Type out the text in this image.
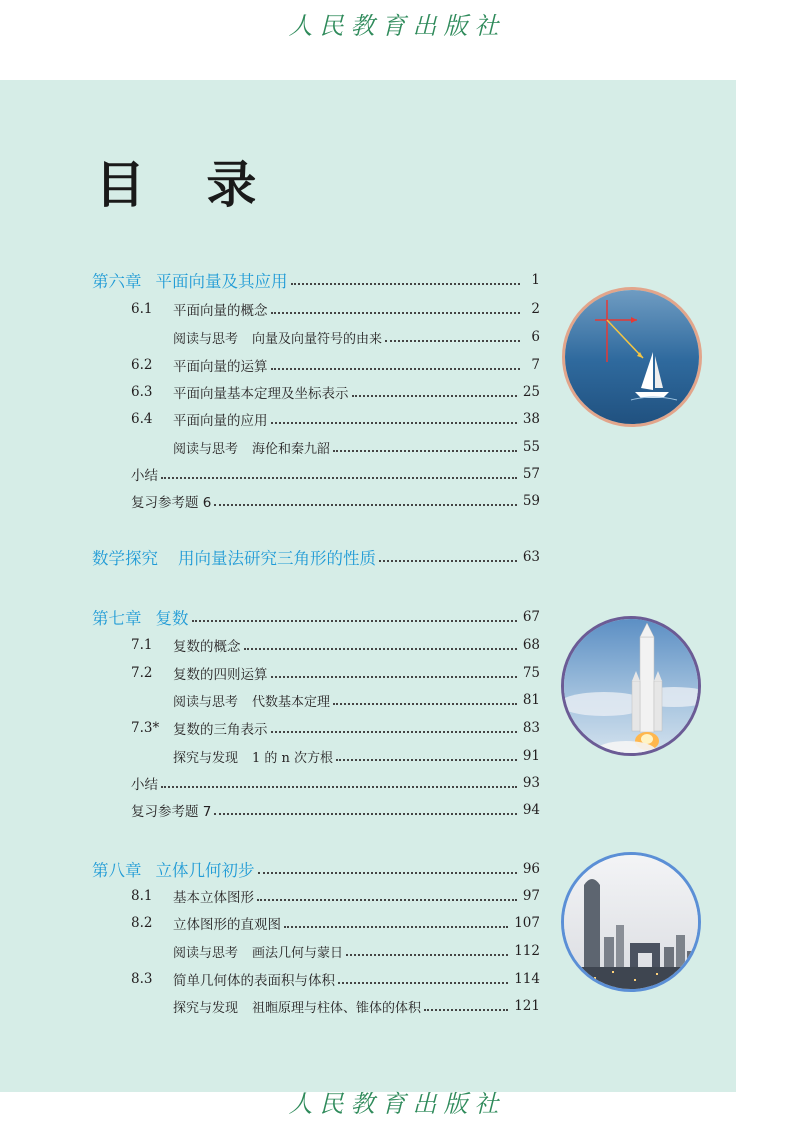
人民教育出版社
目 录
第六章 平面向量及其应用	1
6.1	平面向量的概念	2
阅读与思考 向量及向量符号的由来	6
6.2	平面向量的运算	7
6.3	平面向量基本定理及坐标表示	25
6.4	平面向量的应用	38
阅读与思考 海伦和秦九韶	55
小结	57
复习参考题 6	59
数学探究 用向量法研究三角形的性质	63
第七章 复数	67
7.1	复数的概念	68
7.2	复数的四则运算	75
阅读与思考 代数基本定理	81
7.3*	复数的三角表示	83
探究与发现 1 的 n 次方根	91
小结	93
复习参考题 7	94
第八章 立体几何初步	96
8.1	基本立体图形	97
8.2	立体图形的直观图	107
阅读与思考 画法几何与蒙日	112
8.3	简单几何体的表面积与体积	114
探究与发现 祖暅原理与柱体、锥体的体积	121
人民教育出版社
